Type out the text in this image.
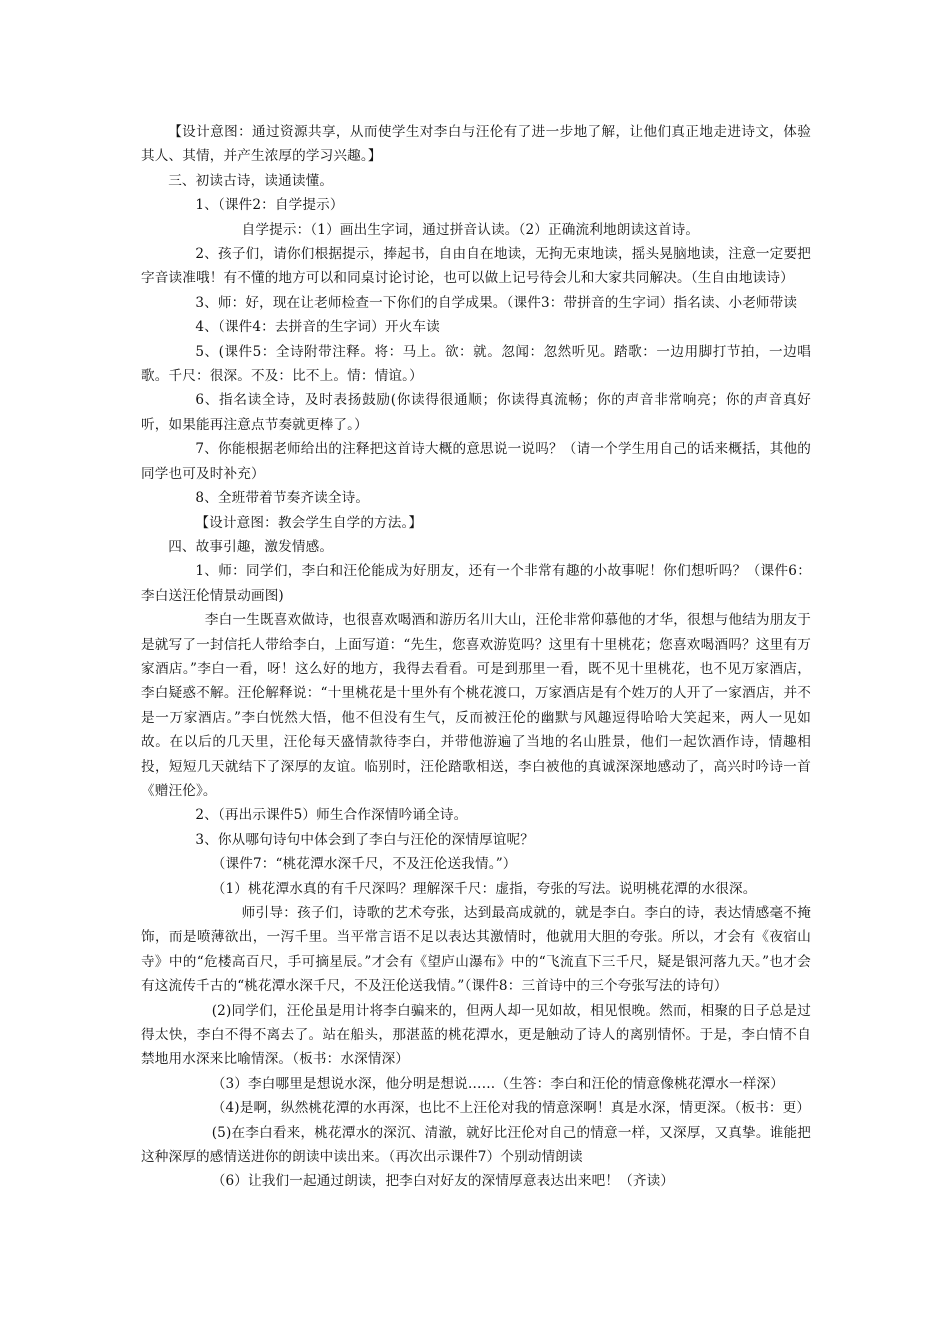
【设计意图：通过资源共享，从而使学生对李白与汪伦有了进一步地了解，让他们真正地走进诗文，体验其人、其情，并产生浓厚的学习兴趣。】

三、初读古诗，读通读懂。

1、（课件2：自学提示）

自学提示：（1）画出生字词，通过拼音认读。（2）正确流利地朗读这首诗。

2、孩子们，请你们根据提示，捧起书，自由自在地读，无拘无束地读，摇头晃脑地读，注意一定要把字音读准哦！有不懂的地方可以和同桌讨论讨论，也可以做上记号待会儿和大家共同解决。（生自由地读诗）

3、师：好，现在让老师检查一下你们的自学成果。（课件3：带拼音的生字词）指名读、小老师带读

4、（课件4：去拼音的生字词）开火车读

5、(课件5：全诗附带注释。将：马上。欲：就。忽闻：忽然听见。踏歌：一边用脚打节拍，一边唱歌。千尺：很深。不及：比不上。情：情谊。）

6、指名读全诗，及时表扬鼓励(你读得很通顺；你读得真流畅；你的声音非常响亮；你的声音真好听，如果能再注意点节奏就更棒了。）

7、你能根据老师给出的注释把这首诗大概的意思说一说吗？（请一个学生用自己的话来概括，其他的同学也可及时补充）

8、全班带着节奏齐读全诗。

【设计意图：教会学生自学的方法。】

四、故事引趣，激发情感。

1、师：同学们，李白和汪伦能成为好朋友，还有一个非常有趣的小故事呢！你们想听吗？（课件6：李白送汪伦情景动画图)

李白一生既喜欢做诗，也很喜欢喝酒和游历名川大山，汪伦非常仰慕他的才华，很想与他结为朋友于是就写了一封信托人带给李白，上面写道：“先生，您喜欢游览吗？这里有十里桃花；您喜欢喝酒吗？这里有万家酒店。”李白一看，呀！这么好的地方，我得去看看。可是到那里一看，既不见十里桃花，也不见万家酒店，李白疑惑不解。汪伦解释说：“十里桃花是十里外有个桃花渡口，万家酒店是有个姓万的人开了一家酒店，并不是一万家酒店。”李白恍然大悟，他不但没有生气，反而被汪伦的幽默与风趣逗得哈哈大笑起来，两人一见如故。在以后的几天里，汪伦每天盛情款待李白，并带他游遍了当地的名山胜景，他们一起饮酒作诗，情趣相投，短短几天就结下了深厚的友谊。临别时，汪伦踏歌相送，李白被他的真诚深深地感动了，高兴时吟诗一首《赠汪伦》。

2、（再出示课件5）师生合作深情吟诵全诗。

3、你从哪句诗句中体会到了李白与汪伦的深情厚谊呢？

（课件7：“桃花潭水深千尺，不及汪伦送我情。”）

（1）桃花潭水真的有千尺深吗？理解深千尺：虚指，夸张的写法。说明桃花潭的水很深。

师引导：孩子们，诗歌的艺术夸张，达到最高成就的，就是李白。李白的诗，表达情感毫不掩饰，而是喷薄欲出，一泻千里。当平常言语不足以表达其激情时，他就用大胆的夸张。所以，才会有《夜宿山寺》中的“危楼高百尺，手可摘星辰。”才会有《望庐山瀑布》中的“飞流直下三千尺，疑是银河落九天。”也才会有这流传千古的“桃花潭水深千尺，不及汪伦送我情。”（课件8：三首诗中的三个夸张写法的诗句）

(2)同学们，汪伦虽是用计将李白骗来的，但两人却一见如故，相见恨晚。然而，相聚的日子总是过得太快，李白不得不离去了。站在船头，那湛蓝的桃花潭水，更是触动了诗人的离别情怀。于是，李白情不自禁地用水深来比喻情深。（板书：水深情深）

（3）李白哪里是想说水深，他分明是想说……（生答：李白和汪伦的情意像桃花潭水一样深）

（4)是啊，纵然桃花潭的水再深，也比不上汪伦对我的情意深啊！真是水深，情更深。（板书：更）

(5)在李白看来，桃花潭水的深沉、清澈，就好比汪伦对自己的情意一样，又深厚，又真挚。谁能把这种深厚的感情送进你的朗读中读出来。（再次出示课件7）个别动情朗读

（6）让我们一起通过朗读，把李白对好友的深情厚意表达出来吧！（齐读）
